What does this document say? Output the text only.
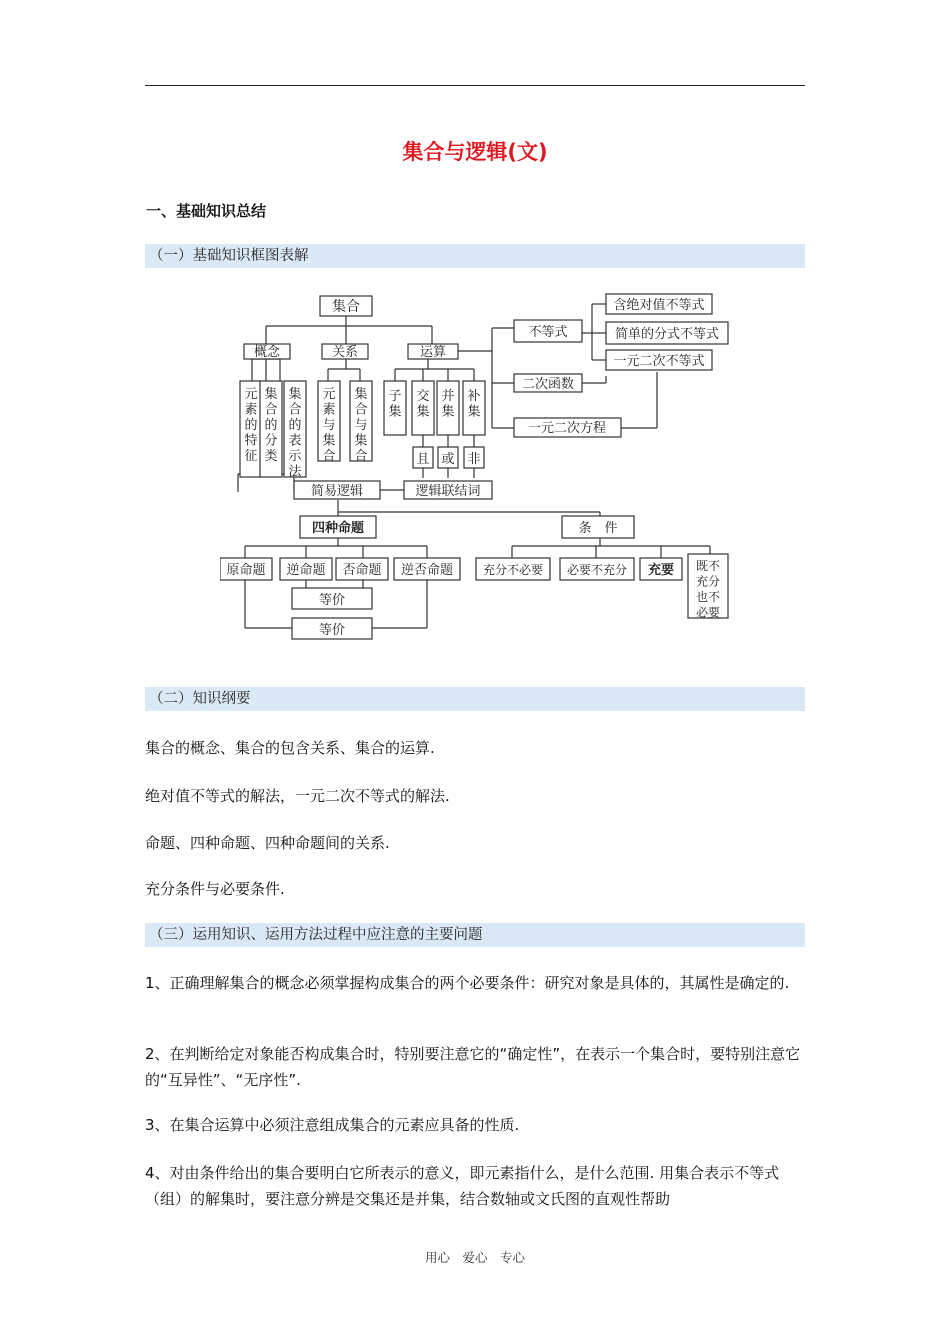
集合与逻辑(文)
一、基础知识总结
（一）基础知识框图表解
集合
概念	关系	运算
不等式
含绝对值不等式
简单的分式不等式
一元二次不等式
二次函数
一元二次方程
且 或 非
简易逻辑	逻辑联结词
四种命题	条　件
原命题 逆命题 否命题 逆否命题 充分不必要 必要不充分 充要
等价
等价
元素的特征
集合的分类
集合的表示法
元素与集合
集合与集合
子集
交集
并集
补集
既不充分也不必要
（二）知识纲要
集合的概念、集合的包含关系、集合的运算.
绝对值不等式的解法，一元二次不等式的解法.
命题、四种命题、四种命题间的关系.
充分条件与必要条件.
（三）运用知识、运用方法过程中应注意的主要问题
1、正确理解集合的概念必须掌握构成集合的两个必要条件：研究对象是具体的，其属性是确定的.
2、在判断给定对象能否构成集合时，特别要注意它的“确定性”，在表示一个集合时，要特别注意它的“互异性”、“无序性”.
3、在集合运算中必须注意组成集合的元素应具备的性质.
4、对由条件给出的集合要明白它所表示的意义，即元素指什么，是什么范围. 用集合表示不等式（组）的解集时，要注意分辨是交集还是并集，结合数轴或文氏图的直观性帮助
用心　爱心　专心
